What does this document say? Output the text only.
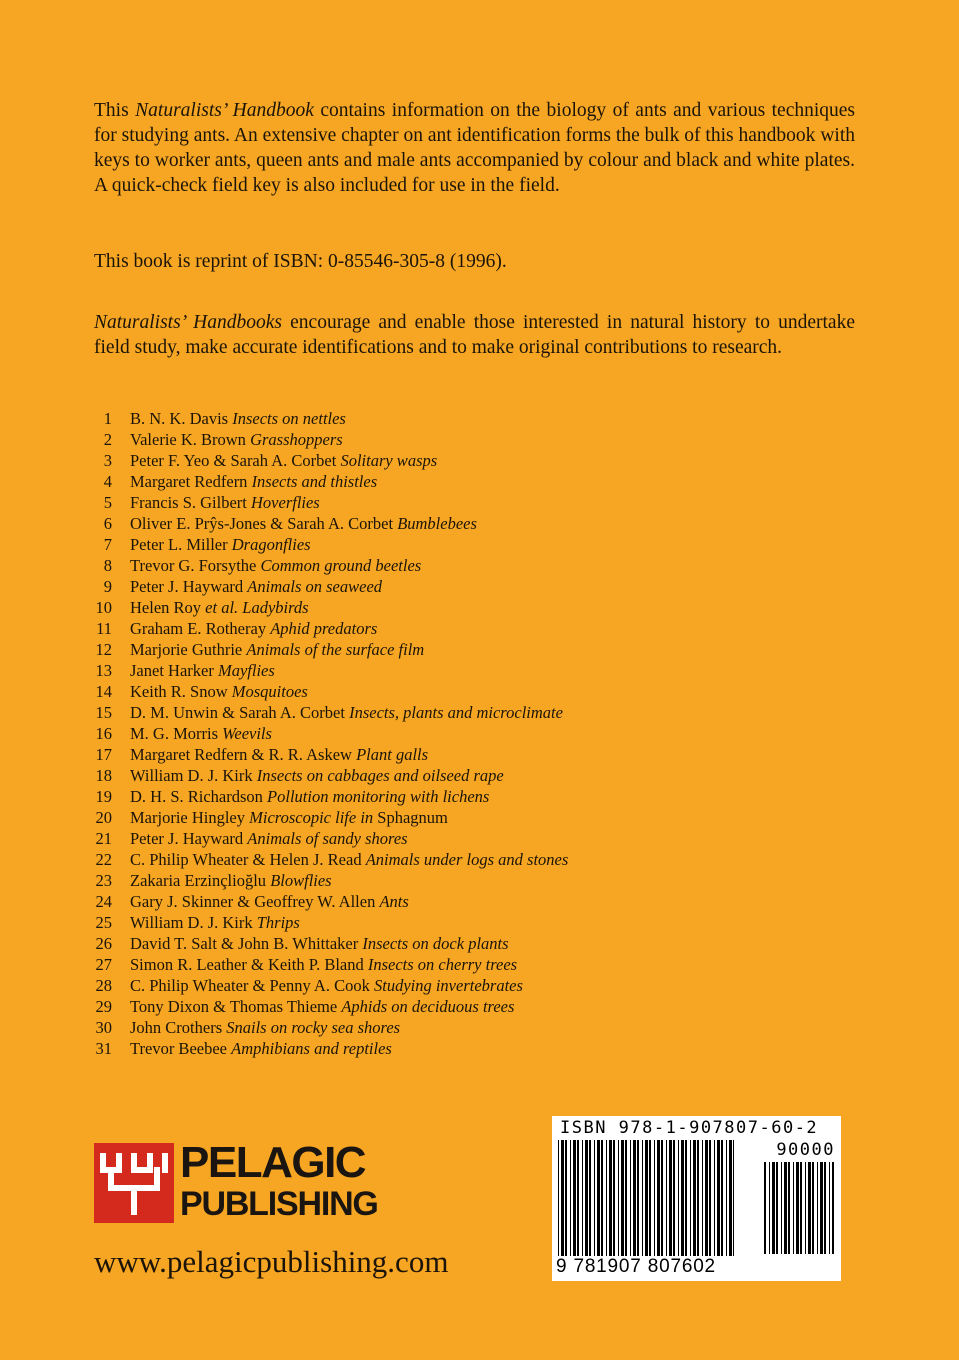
This Naturalists’ Handbook contains information on the biology of ants and various techniques for studying ants. An extensive chapter on ant identification forms the bulk of this handbook with keys to worker ants, queen ants and male ants accompanied by colour and black and white plates. A quick-check field key is also included for use in the field.

This book is reprint of ISBN: 0-85546-305-8 (1996).

Naturalists’ Handbooks encourage and enable those interested in natural history to undertake field study, make accurate identifications and to make original contributions to research.

1 B. N. K. Davis Insects on nettles
2 Valerie K. Brown Grasshoppers
3 Peter F. Yeo & Sarah A. Corbet Solitary wasps
4 Margaret Redfern Insects and thistles
5 Francis S. Gilbert Hoverflies
6 Oliver E. Prŷs-Jones & Sarah A. Corbet Bumblebees
7 Peter L. Miller Dragonflies
8 Trevor G. Forsythe Common ground beetles
9 Peter J. Hayward Animals on seaweed
10 Helen Roy et al. Ladybirds
11 Graham E. Rotheray Aphid predators
12 Marjorie Guthrie Animals of the surface film
13 Janet Harker Mayflies
14 Keith R. Snow Mosquitoes
15 D. M. Unwin & Sarah A. Corbet Insects, plants and microclimate
16 M. G. Morris Weevils
17 Margaret Redfern & R. R. Askew Plant galls
18 William D. J. Kirk Insects on cabbages and oilseed rape
19 D. H. S. Richardson Pollution monitoring with lichens
20 Marjorie Hingley Microscopic life in Sphagnum
21 Peter J. Hayward Animals of sandy shores
22 C. Philip Wheater & Helen J. Read Animals under logs and stones
23 Zakaria Erzinçlioğlu Blowflies
24 Gary J. Skinner & Geoffrey W. Allen Ants
25 William D. J. Kirk Thrips
26 David T. Salt & John B. Whittaker Insects on dock plants
27 Simon R. Leather & Keith P. Bland Insects on cherry trees
28 C. Philip Wheater & Penny A. Cook Studying invertebrates
29 Tony Dixon & Thomas Thieme Aphids on deciduous trees
30 John Crothers Snails on rocky sea shores
31 Trevor Beebee Amphibians and reptiles
PELAGIC
PUBLISHING
www.pelagicpublishing.com
ISBN 978-1-907807-60-2
90000
9 781907 807602
